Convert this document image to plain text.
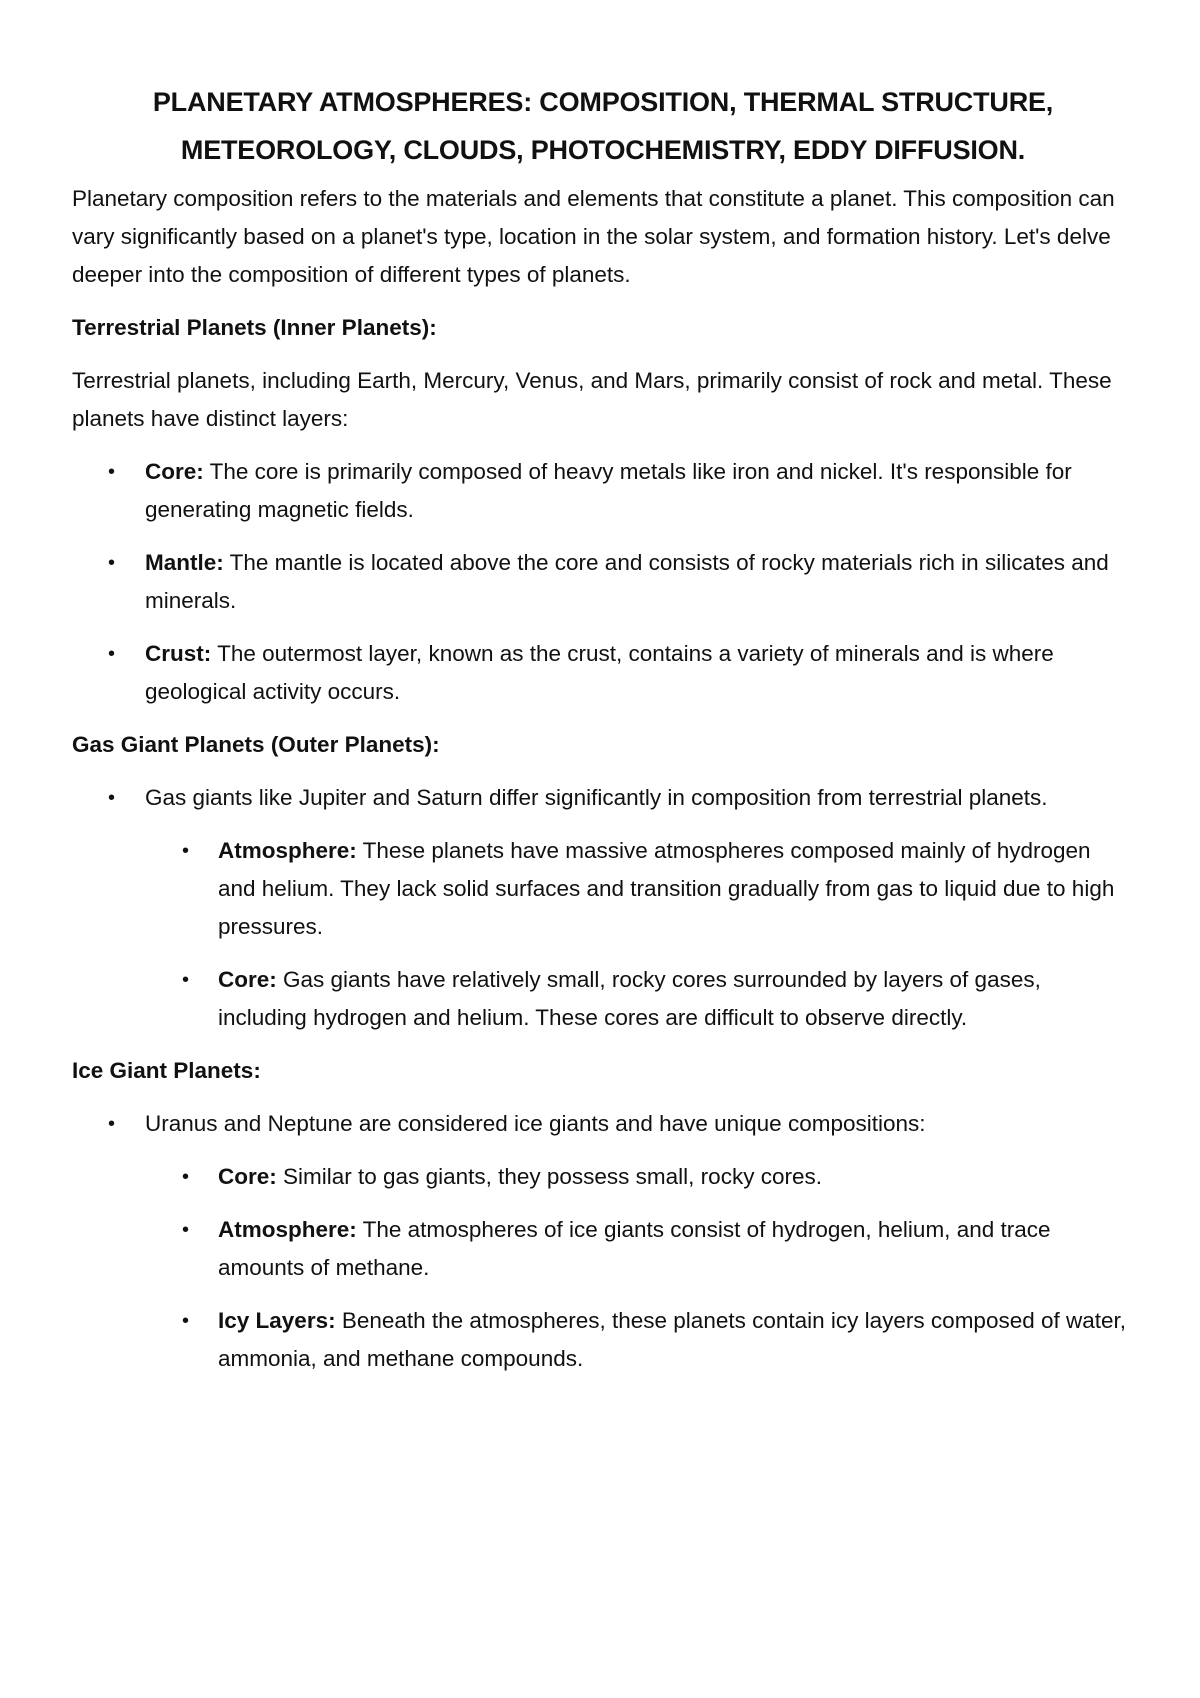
PLANETARY ATMOSPHERES: COMPOSITION, THERMAL STRUCTURE,
METEOROLOGY, CLOUDS, PHOTOCHEMISTRY, EDDY DIFFUSION.

Planetary composition refers to the materials and elements that constitute a planet. This composition can vary significantly based on a planet's type, location in the solar system, and formation history. Let's delve deeper into the composition of different types of planets.

Terrestrial Planets (Inner Planets):

Terrestrial planets, including Earth, Mercury, Venus, and Mars, primarily consist of rock and metal. These planets have distinct layers:

• Core: The core is primarily composed of heavy metals like iron and nickel. It's responsible for generating magnetic fields.
• Mantle: The mantle is located above the core and consists of rocky materials rich in silicates and minerals.
• Crust: The outermost layer, known as the crust, contains a variety of minerals and is where geological activity occurs.
Gas Giant Planets (Outer Planets):
• Gas giants like Jupiter and Saturn differ significantly in composition from terrestrial planets.
• Atmosphere: These planets have massive atmospheres composed mainly of hydrogen and helium. They lack solid surfaces and transition gradually from gas to liquid due to high pressures.
• Core: Gas giants have relatively small, rocky cores surrounded by layers of gases, including hydrogen and helium. These cores are difficult to observe directly.
Ice Giant Planets:
• Uranus and Neptune are considered ice giants and have unique compositions:
• Core: Similar to gas giants, they possess small, rocky cores.
• Atmosphere: The atmospheres of ice giants consist of hydrogen, helium, and trace amounts of methane.
• Icy Layers: Beneath the atmospheres, these planets contain icy layers composed of water, ammonia, and methane compounds.
